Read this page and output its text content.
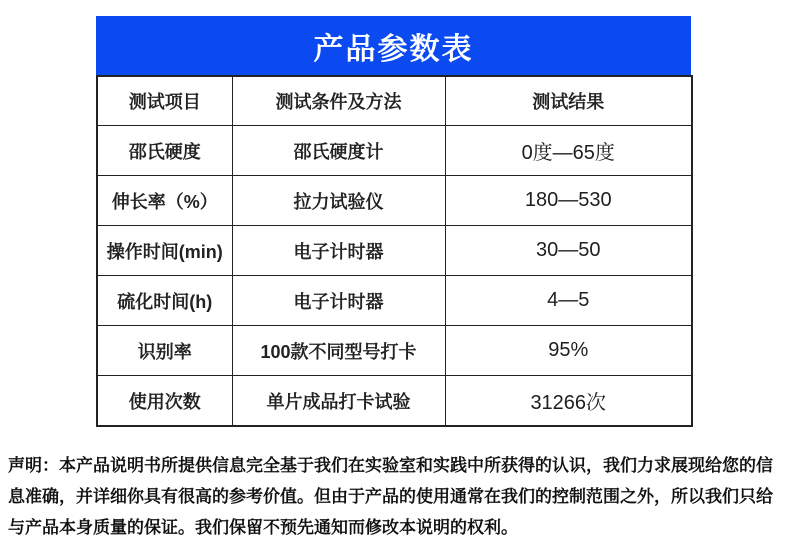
产品参数表
测试项目	测试条件及方法	测试结果
邵氏硬度	邵氏硬度计	0度—65度
伸长率（%）	拉力试验仪	180—530
操作时间(min)	电子计时器	30—50
硫化时间(h)	电子计时器	4—5
识别率	100款不同型号打卡	95%
使用次数	单片成品打卡试验	31266次

声明：本产品说明书所提供信息完全基于我们在实验室和实践中所获得的认识，我们力求展现给您的信息准确，并详细你具有很高的参考价值。但由于产品的使用通常在我们的控制范围之外，所以我们只给与产品本身质量的保证。我们保留不预先通知而修改本说明的权利。
